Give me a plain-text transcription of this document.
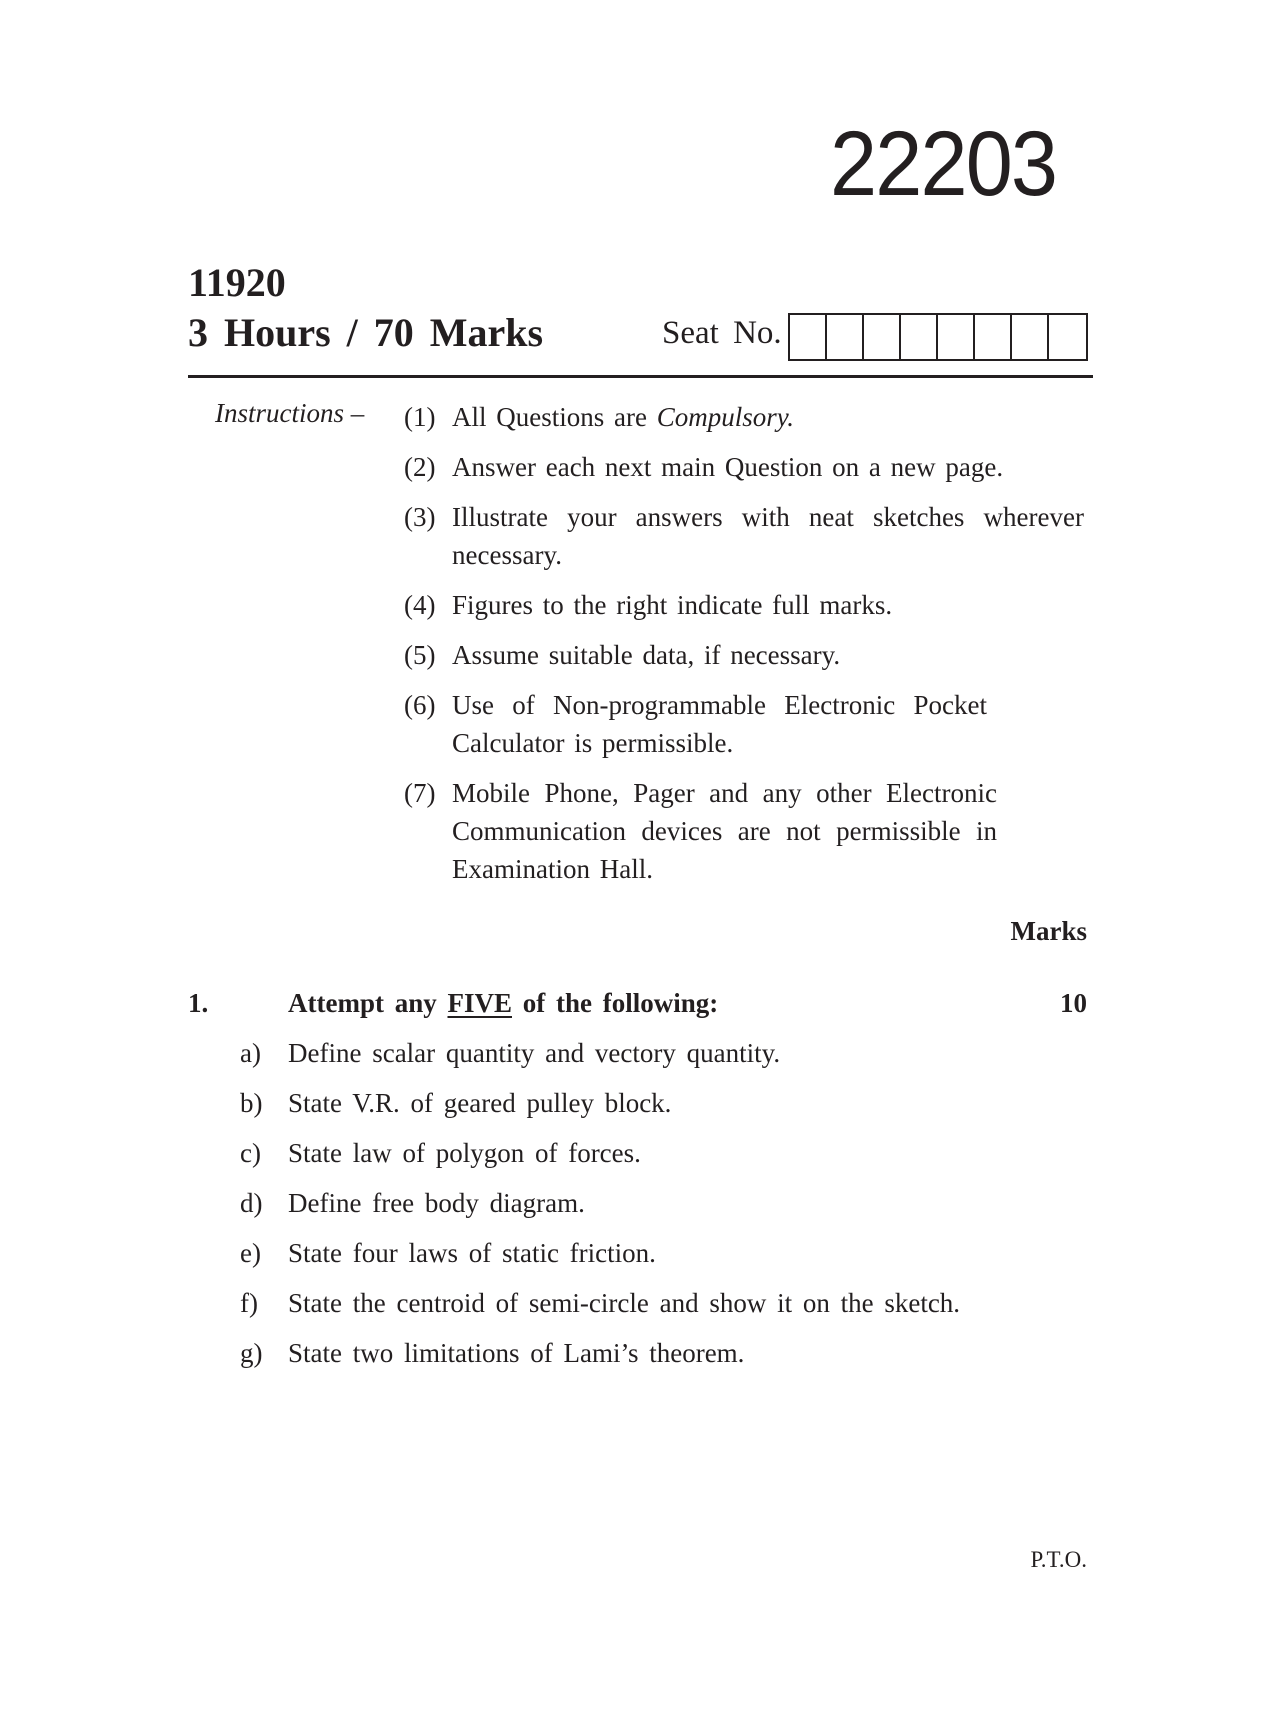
22203
11920
3 Hours / 70 Marks	Seat No.
Instructions – (1) All Questions are Compulsory.
(2) Answer each next main Question on a new page.
(3) Illustrate your answers with neat sketches wherever necessary.
(4) Figures to the right indicate full marks.
(5) Assume suitable data, if necessary.
(6) Use of Non-programmable Electronic Pocket Calculator is permissible.
(7) Mobile Phone, Pager and any other Electronic Communication devices are not permissible in Examination Hall.
Marks
1.	Attempt any FIVE of the following:	10
a) Define scalar quantity and vectory quantity.
b) State V.R. of geared pulley block.
c) State law of polygon of forces.
d) Define free body diagram.
e) State four laws of static friction.
f) State the centroid of semi-circle and show it on the sketch.
g) State two limitations of Lami’s theorem.
P.T.O.
